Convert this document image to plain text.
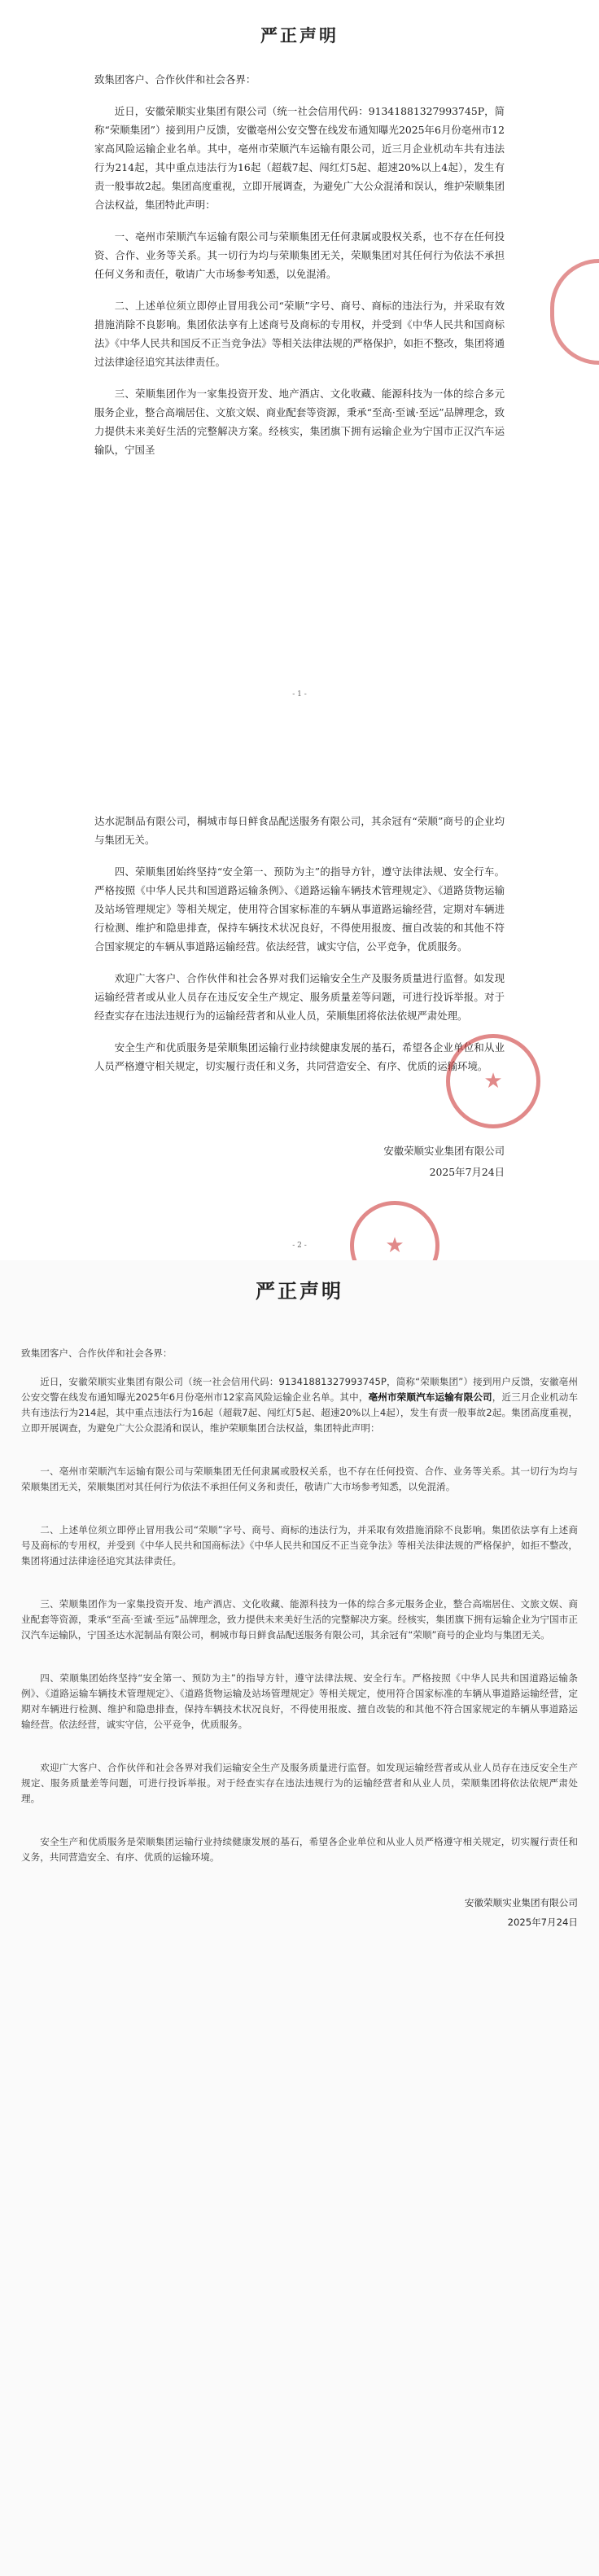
严正声明

致集团客户、合作伙伴和社会各界：

近日，安徽荣顺实业集团有限公司（统一社会信用代码：91341881327993745P，简称“荣顺集团”）接到用户反馈，安徽亳州公安交警在线发布通知曝光2025年6月份亳州市12家高风险运输企业名单。其中，亳州市荣顺汽车运输有限公司，近三月企业机动车共有违法行为214起，其中重点违法行为16起（超载7起、闯红灯5起、超速20%以上4起），发生有责一般事故2起。集团高度重视，立即开展调查，为避免广大公众混淆和误认，维护荣顺集团合法权益，集团特此声明：

一、亳州市荣顺汽车运输有限公司与荣顺集团无任何隶属或股权关系，也不存在任何投资、合作、业务等关系。其一切行为均与荣顺集团无关，荣顺集团对其任何行为依法不承担任何义务和责任，敬请广大市场参考知悉，以免混淆。

二、上述单位须立即停止冒用我公司“荣顺”字号、商号、商标的违法行为，并采取有效措施消除不良影响。集团依法享有上述商号及商标的专用权，并受到《中华人民共和国商标法》《中华人民共和国反不正当竞争法》等相关法律法规的严格保护，如拒不整改，集团将通过法律途径追究其法律责任。

三、荣顺集团作为一家集投资开发、地产酒店、文化收藏、能源科技为一体的综合多元服务企业，整合高端居住、文旅文娱、商业配套等资源，秉承“至高·至诚·至远”品牌理念，致力提供未来美好生活的完整解决方案。经核实，集团旗下拥有运输企业为宁国市正汉汽车运输队，宁国圣

- 1 -

达水泥制品有限公司，桐城市每日鲜食品配送服务有限公司，其余冠有“荣顺”商号的企业均与集团无关。

四、荣顺集团始终坚持“安全第一、预防为主”的指导方针，遵守法律法规、安全行车。严格按照《中华人民共和国道路运输条例》、《道路运输车辆技术管理规定》、《道路货物运输及站场管理规定》等相关规定，使用符合国家标准的车辆从事道路运输经营，定期对车辆进行检测、维护和隐患排查，保持车辆技术状况良好，不得使用报废、擅自改装的和其他不符合国家规定的车辆从事道路运输经营。依法经营，诚实守信，公平竞争，优质服务。

欢迎广大客户、合作伙伴和社会各界对我们运输安全生产及服务质量进行监督。如发现运输经营者或从业人员存在违反安全生产规定、服务质量差等问题，可进行投诉举报。对于经查实存在违法违规行为的运输经营者和从业人员，荣顺集团将依法依规严肃处理。

安全生产和优质服务是荣顺集团运输行业持续健康发展的基石，希望各企业单位和从业人员严格遵守相关规定，切实履行责任和义务，共同营造安全、有序、优质的运输环境。

安徽荣顺实业集团有限公司
2025年7月24日
- 2 -
★
★
严正声明

致集团客户、合作伙伴和社会各界：

近日，安徽荣顺实业集团有限公司（统一社会信用代码：91341881327993745P，简称“荣顺集团”）接到用户反馈，安徽亳州公安交警在线发布通知曝光2025年6月份亳州市12家高风险运输企业名单。其中，亳州市荣顺汽车运输有限公司，近三月企业机动车共有违法行为214起，其中重点违法行为16起（超载7起、闯红灯5起、超速20%以上4起），发生有责一般事故2起。集团高度重视，立即开展调查，为避免广大公众混淆和误认，维护荣顺集团合法权益，集团特此声明：

一、亳州市荣顺汽车运输有限公司与荣顺集团无任何隶属或股权关系，也不存在任何投资、合作、业务等关系。其一切行为均与荣顺集团无关，荣顺集团对其任何行为依法不承担任何义务和责任，敬请广大市场参考知悉，以免混淆。

二、上述单位须立即停止冒用我公司“荣顺”字号、商号、商标的违法行为，并采取有效措施消除不良影响。集团依法享有上述商号及商标的专用权，并受到《中华人民共和国商标法》《中华人民共和国反不正当竞争法》等相关法律法规的严格保护，如拒不整改，集团将通过法律途径追究其法律责任。

三、荣顺集团作为一家集投资开发、地产酒店、文化收藏、能源科技为一体的综合多元服务企业，整合高端居住、文旅文娱、商业配套等资源，秉承“至高·至诚·至远”品牌理念，致力提供未来美好生活的完整解决方案。经核实，集团旗下拥有运输企业为宁国市正汉汽车运输队，宁国圣达水泥制品有限公司，桐城市每日鲜食品配送服务有限公司，其余冠有“荣顺”商号的企业均与集团无关。

四、荣顺集团始终坚持“安全第一、预防为主”的指导方针，遵守法律法规、安全行车。严格按照《中华人民共和国道路运输条例》、《道路运输车辆技术管理规定》、《道路货物运输及站场管理规定》等相关规定，使用符合国家标准的车辆从事道路运输经营，定期对车辆进行检测、维护和隐患排查，保持车辆技术状况良好，不得使用报废、擅自改装的和其他不符合国家规定的车辆从事道路运输经营。依法经营，诚实守信，公平竞争，优质服务。

欢迎广大客户、合作伙伴和社会各界对我们运输安全生产及服务质量进行监督。如发现运输经营者或从业人员存在违反安全生产规定、服务质量差等问题，可进行投诉举报。对于经查实存在违法违规行为的运输经营者和从业人员，荣顺集团将依法依规严肃处理。

安全生产和优质服务是荣顺集团运输行业持续健康发展的基石，希望各企业单位和从业人员严格遵守相关规定，切实履行责任和义务，共同营造安全、有序、优质的运输环境。

安徽荣顺实业集团有限公司
2025年7月24日
